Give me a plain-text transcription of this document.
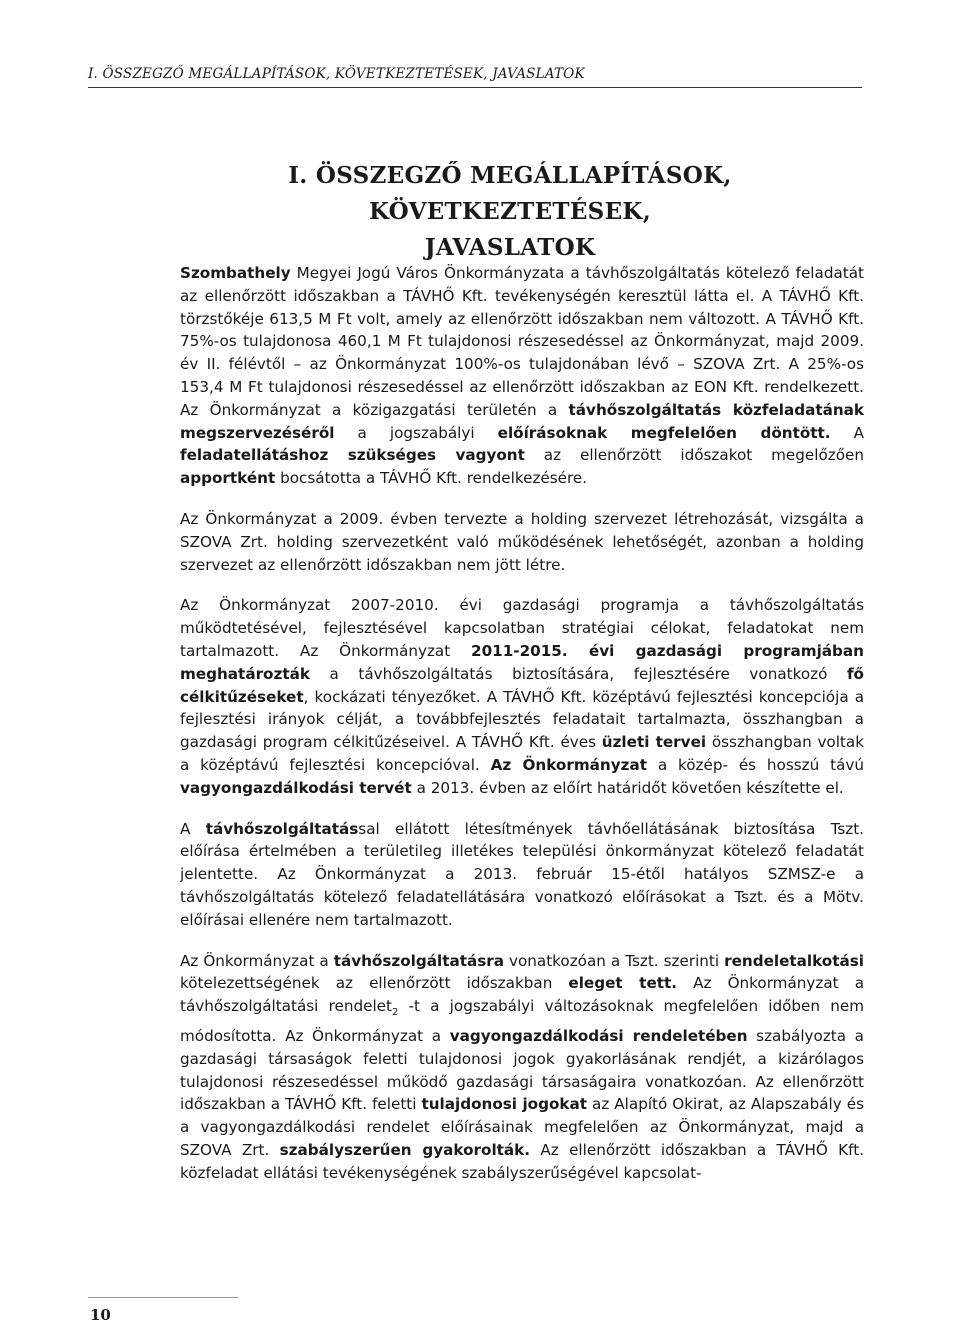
I. ÖSSZEGZŐ MEGÁLLAPÍTÁSOK, KÖVETKEZTETÉSEK, JAVASLATOK
I. ÖSSZEGZŐ MEGÁLLAPÍTÁSOK, KÖVETKEZTETÉSEK,
JAVASLATOK

Szombathely Megyei Jogú Város Önkormányzata a távhőszolgáltatás kötelező feladatát az ellenőrzött időszakban a TÁVHŐ Kft. tevékenységén keresztül látta el. A TÁVHŐ Kft. törzstőkéje 613,5 M Ft volt, amely az ellenőrzött időszakban nem változott. A TÁVHŐ Kft. 75%-os tulajdonosa 460,1 M Ft tulajdonosi részesedéssel az Önkormányzat, majd 2009. év II. félévtől – az Önkormányzat 100%-os tulajdonában lévő – SZOVA Zrt. A 25%-os 153,4 M Ft tulajdonosi részesedéssel az ellenőrzött időszakban az EON Kft. rendelkezett. Az Önkormányzat a közigazgatási területén a távhőszolgáltatás közfeladatának megszervezéséről a jogszabályi előírásoknak megfelelően döntött. A feladatellátáshoz szükséges vagyont az ellenőrzött időszakot megelőzően apportként bocsátotta a TÁVHŐ Kft. rendelkezésére.

Az Önkormányzat a 2009. évben tervezte a holding szervezet létrehozását, vizsgálta a SZOVA Zrt. holding szervezetként való működésének lehetőségét, azonban a holding szervezet az ellenőrzött időszakban nem jött létre.

Az Önkormányzat 2007-2010. évi gazdasági programja a távhőszolgáltatás működtetésével, fejlesztésével kapcsolatban stratégiai célokat, feladatokat nem tartalmazott. Az Önkormányzat 2011-2015. évi gazdasági programjában meghatározták a távhőszolgáltatás biztosítására, fejlesztésére vonatkozó fő célkitűzéseket, kockázati tényezőket. A TÁVHŐ Kft. középtávú fejlesztési koncepciója a fejlesztési irányok célját, a továbbfejlesztés feladatait tartalmazta, összhangban a gazdasági program célkitűzéseivel. A TÁVHŐ Kft. éves üzleti tervei összhangban voltak a középtávú fejlesztési koncepcióval. Az Önkormányzat a közép- és hosszú távú vagyongazdálkodási tervét a 2013. évben az előírt határidőt követően készítette el.

A távhőszolgáltatással ellátott létesítmények távhőellátásának biztosítása Tszt. előírása értelmében a területileg illetékes települési önkormányzat kötelező feladatát jelentette. Az Önkormányzat a 2013. február 15-étől hatályos SZMSZ-e a távhőszolgáltatás kötelező feladatellátására vonatkozó előírásokat a Tszt. és a Mötv. előírásai ellenére nem tartalmazott.

Az Önkormányzat a távhőszolgáltatásra vonatkozóan a Tszt. szerinti rendeletalkotási kötelezettségének az ellenőrzött időszakban eleget tett. Az Önkormányzat a távhőszolgáltatási rendelet$_2$ -t a jogszabályi változásoknak megfelelően időben nem módosította. Az Önkormányzat a vagyongazdálkodási rendeletében szabályozta a gazdasági társaságok feletti tulajdonosi jogok gyakorlásának rendjét, a kizárólagos tulajdonosi részesedéssel működő gazdasági társaságaira vonatkozóan. Az ellenőrzött időszakban a TÁVHŐ Kft. feletti tulajdonosi jogokat az Alapító Okirat, az Alapszabály és a vagyongazdálkodási rendelet előírásainak megfelelően az Önkormányzat, majd a SZOVA Zrt. szabályszerűen gyakorolták. Az ellenőrzött időszakban a TÁVHŐ Kft. közfeladat ellátási tevékenységének szabályszerűségével kapcsolat-

10
